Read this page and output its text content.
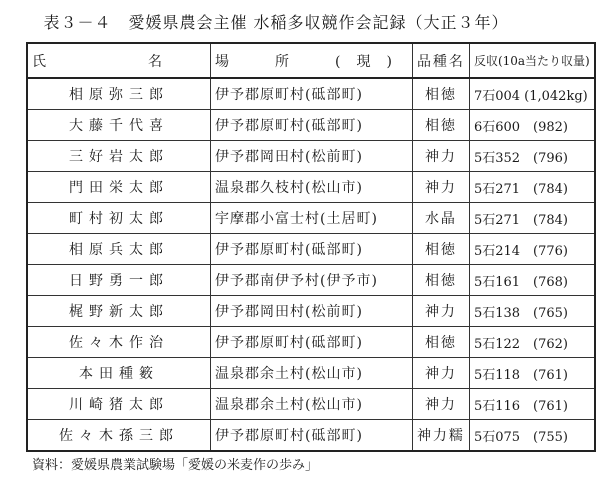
表３－４　愛媛県農会主催 水稲多収競作会記録（大正３年）
氏　名	場　所　(現)	品種名	反収(10a当たり収量)
相原弥三郎	伊予郡原町村(砥部町)	相徳	7石004 (1,042kg)
大藤千代喜	伊予郡原町村(砥部町)	相徳	6石600　(982)
三好岩太郎	伊予郡岡田村(松前町)	神力	5石352　(796)
門田栄太郎	温泉郡久枝村(松山市)	神力	5石271　(784)
町村初太郎	宇摩郡小富士村(土居町)	水晶	5石271　(784)
相原兵太郎	伊予郡原町村(砥部町)	相徳	5石214　(776)
日野勇一郎	伊予郡南伊予村(伊予市)	相徳	5石161　(768)
梶野新太郎	伊予郡岡田村(松前町)	神力	5石138　(765)
佐々木作治	伊予郡原町村(砥部町)	相徳	5石122　(762)
本田種䉤	温泉郡余土村(松山市)	神力	5石118　(761)
川崎猪太郎	温泉郡余土村(松山市)	神力	5石116　(761)
佐々木孫三郎	伊予郡原町村(砥部町)	神力糯	5石075　(755)
資料：愛媛県農業試験場「愛媛の米麦作の歩み」
